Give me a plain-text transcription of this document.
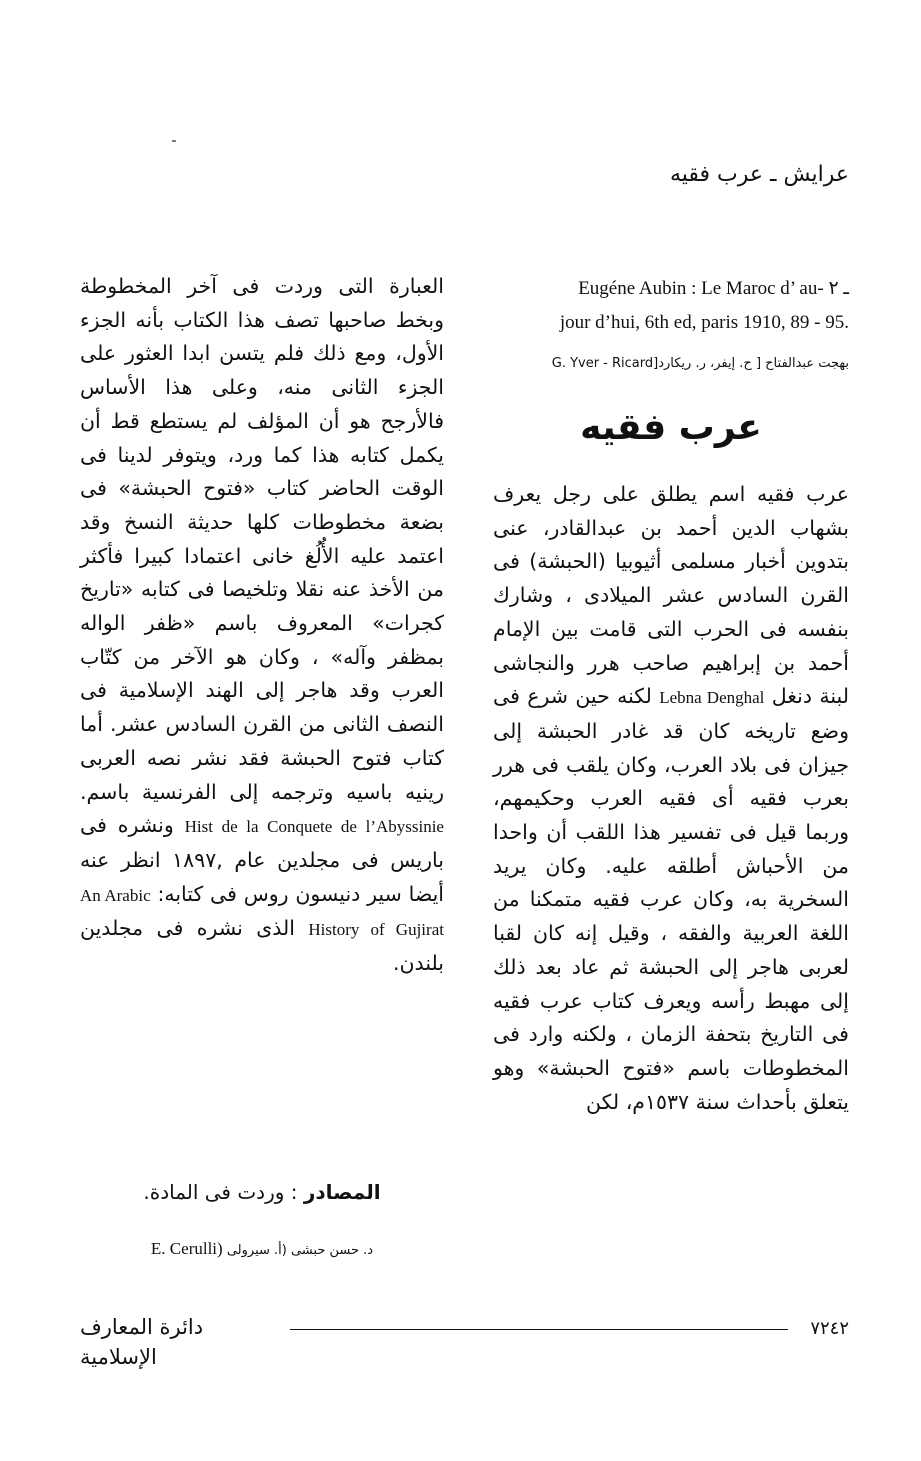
عرايش ـ عرب فقيه
Eugéne Aubin : Le Maroc d’ au- ـ ٢
jour d’hui, 6th ed, paris 1910, 89 - 95.
بهجت عبدالفتاح [ ح. إيفر، ر. ريكاردG. Yver - Ricard]
عرب فقيه

عرب فقيه اسم يطلق على رجل يعرف بشهاب الدين أحمد بن عبدالقادر، عنى بتدوين أخبار مسلمى أثيوبيا (الحبشة) فى القرن السادس عشر الميلادى ، وشارك بنفسه فى الحرب التى قامت بين الإمام أحمد بن إبراهيم صاحب هرر والنجاشى لبنة دنغل Lebna Denghal لكنه حين شرع فى وضع تاريخه كان قد غادر الحبشة إلى جيزان فى بلاد العرب، وكان يلقب فى هرر بعرب فقيه أى فقيه العرب وحكيمهم، وربما قيل فى تفسير هذا اللقب أن واحدا من الأحباش أطلقه عليه. وكان يريد السخرية به، وكان عرب فقيه متمكنا من اللغة العربية والفقه ، وقيل إنه كان لقبا لعربى هاجر إلى الحبشة ثم عاد بعد ذلك إلى مهبط رأسه ويعرف كتاب عرب فقيه فى التاريخ بتحفة الزمان ، ولكنه وارد فى المخطوطات باسم «فتوح الحبشة» وهو يتعلق بأحداث سنة ١٥٣٧م، لكن

العبارة التى وردت فى آخر المخطوطة وبخط صاحبها تصف هذا الكتاب بأنه الجزء الأول، ومع ذلك فلم يتسن ابدا العثور على الجزء الثانى منه، وعلى هذا الأساس فالأرجح هو أن المؤلف لم يستطع قط أن يكمل كتابه هذا كما ورد، ويتوفر لدينا فى الوقت الحاضر كتاب «فتوح الحبشة» فى بضعة مخطوطات كلها حديثة النسخ وقد اعتمد عليه الأُلُغ خانى اعتمادا كبيرا فأكثر من الأخذ عنه نقلا وتلخيصا فى كتابه «تاريخ كجرات» المعروف باسم «ظفر الواله بمظفر وآله» ، وكان هو الآخر من كتّاب العرب وقد هاجر إلى الهند الإسلامية فى النصف الثانى من القرن السادس عشر. أما كتاب فتوح الحبشة فقد نشر نصه العربى رينيه باسيه وترجمه إلى الفرنسية باسم. Hist de la Conquete de l’Abyssinie ونشره فى باريس فى مجلدين عام ,١٨٩٧ انظر عنه أيضا سير دنيسون روس فى كتابه: An Arabic History of Gujirat الذى نشره فى مجلدين بلندن.

المصادر : وردت فى المادة.
د. حسن حبشى (أ. سيرولى E. Cerulli)
٧٢٤٢
دائرة المعارف الإسلامية
